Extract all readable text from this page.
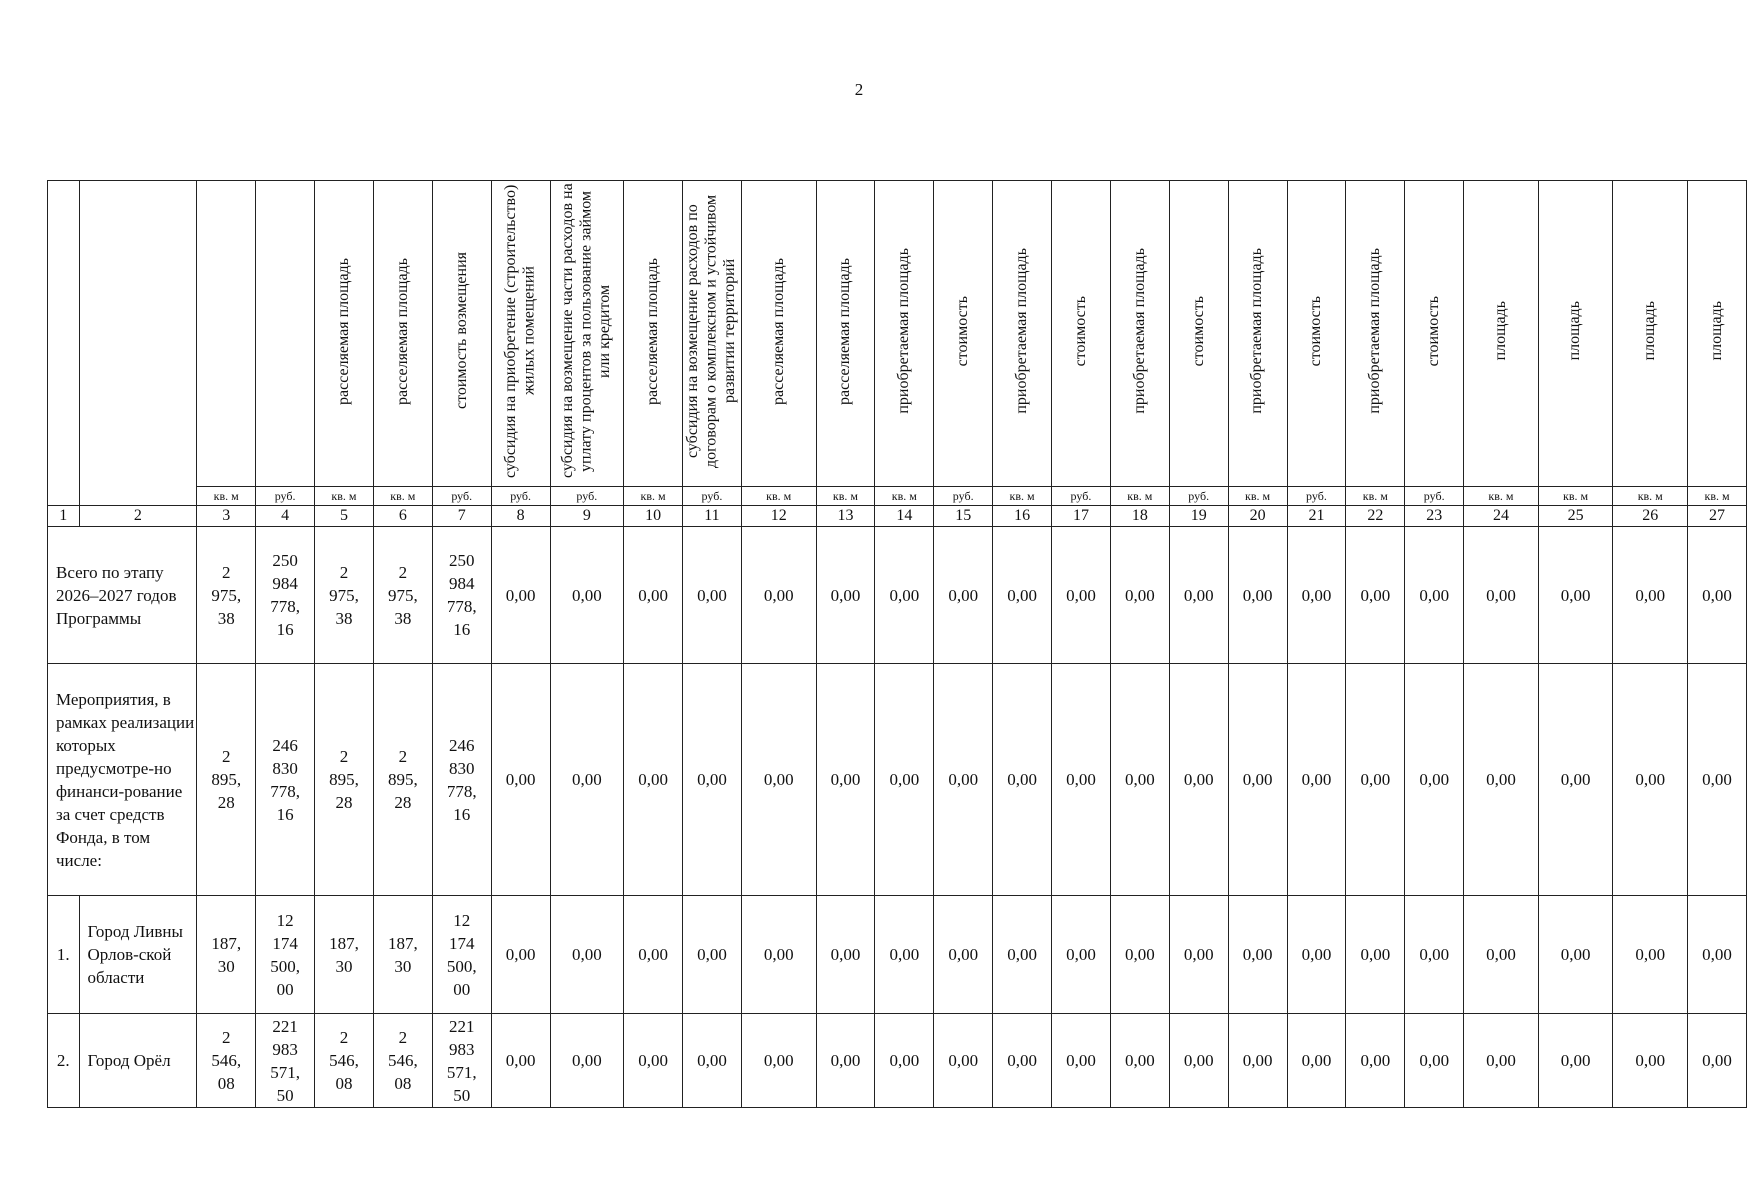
2
				расселяемая площадь	расселяемая площадь	стоимость возмещения	субсидия на приобретение (строительство) жилых помещений	субсидия на возмещение части расходов на уплату процентов за пользование займом или кредитом	расселяемая площадь	субсидия на возмещение расходов по договорам о комплексном и устойчивом развитии территорий	расселяемая площадь	расселяемая площадь	приобретаемая площадь	стоимость	приобретаемая площадь	стоимость	приобретаемая площадь	стоимость	приобретаемая площадь	стоимость	приобретаемая площадь	стоимость	площадь	площадь	площадь	площадь
		кв. м	руб.	кв. м	кв. м	руб.	руб.	руб.	кв. м	руб.	кв. м	кв. м	кв. м	руб.	кв. м	руб.	кв. м	руб.	кв. м	руб.	кв. м	руб.	кв. м	кв. м	кв. м	кв. м
1	2	3	4	5	6	7	8	9	10	11	12	13	14	15	16	17	18	19	20	21	22	23	24	25	26	27
Всего по этапу 2026–2027 годов Программы		2
975,
38	250
984
778,
16	2
975,
38	2
975,
38	250
984
778,
16	0,00	0,00	0,00	0,00	0,00	0,00	0,00	0,00	0,00	0,00	0,00	0,00	0,00	0,00	0,00	0,00	0,00	0,00	0,00	0,00
Мероприятия, в рамках реализации которых предусмотре-но финанси-рование за счет средств Фонда, в том числе:		2
895,
28	246
830
778,
16	2
895,
28	2
895,
28	246
830
778,
16	0,00	0,00	0,00	0,00	0,00	0,00	0,00	0,00	0,00	0,00	0,00	0,00	0,00	0,00	0,00	0,00	0,00	0,00	0,00	0,00
1.	Город Ливны Орлов-ской области	187,
30	12
174
500,
00	187,
30	187,
30	12
174
500,
00	0,00	0,00	0,00	0,00	0,00	0,00	0,00	0,00	0,00	0,00	0,00	0,00	0,00	0,00	0,00	0,00	0,00	0,00	0,00	0,00
2.	Город Орёл	2
546,
08	221
983
571,
50	2
546,
08	2
546,
08	221
983
571,
50	0,00	0,00	0,00	0,00	0,00	0,00	0,00	0,00	0,00	0,00	0,00	0,00	0,00	0,00	0,00	0,00	0,00	0,00	0,00	0,00
